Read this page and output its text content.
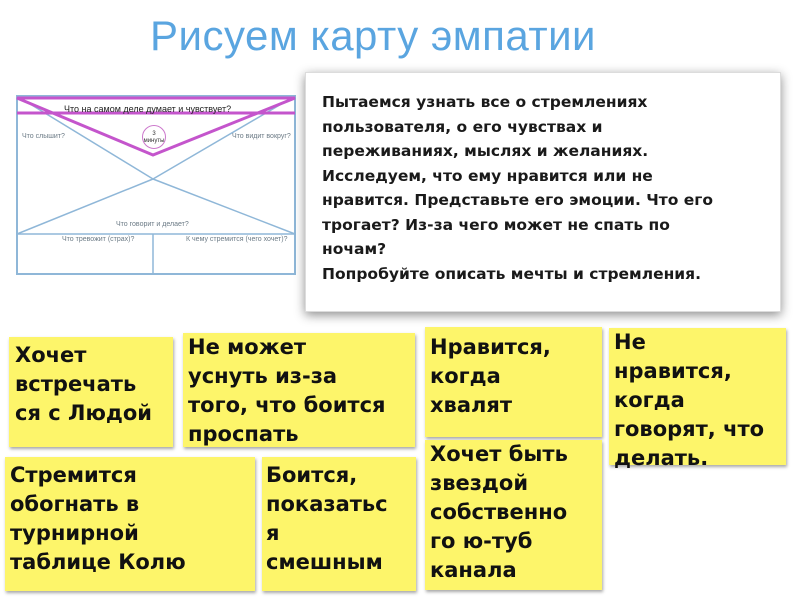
Рисуем карту эмпатии
Что на самом деле думает и чувствует?
Что слышит?	Что видит вокруг?
Что говорит и делает?
Что тревожит (страх)?	К чему стремится (чего хочет)?
3
минуты

Пытаемся узнать все о стремлениях
пользователя, о его чувствах и
переживаниях, мыслях и желаниях.
Исследуем, что ему нравится или не
нравится. Представьте его эмоции. Что его
трогает? Из-за чего может не спать по
ночам?
Попробуйте описать мечты и стремления.

Хочет
встречать
ся с Людой
Не может
уснуть из-за
того, что боится
проспать
Нравится,
когда
хвалят
Не
нравится,
когда
говорят, что
делать.
Стремится
обогнать в
турнирной
таблице Колю
Боится,
показатьс
я
смешным
Хочет быть
звездой
собственно
го ю-туб
канала
